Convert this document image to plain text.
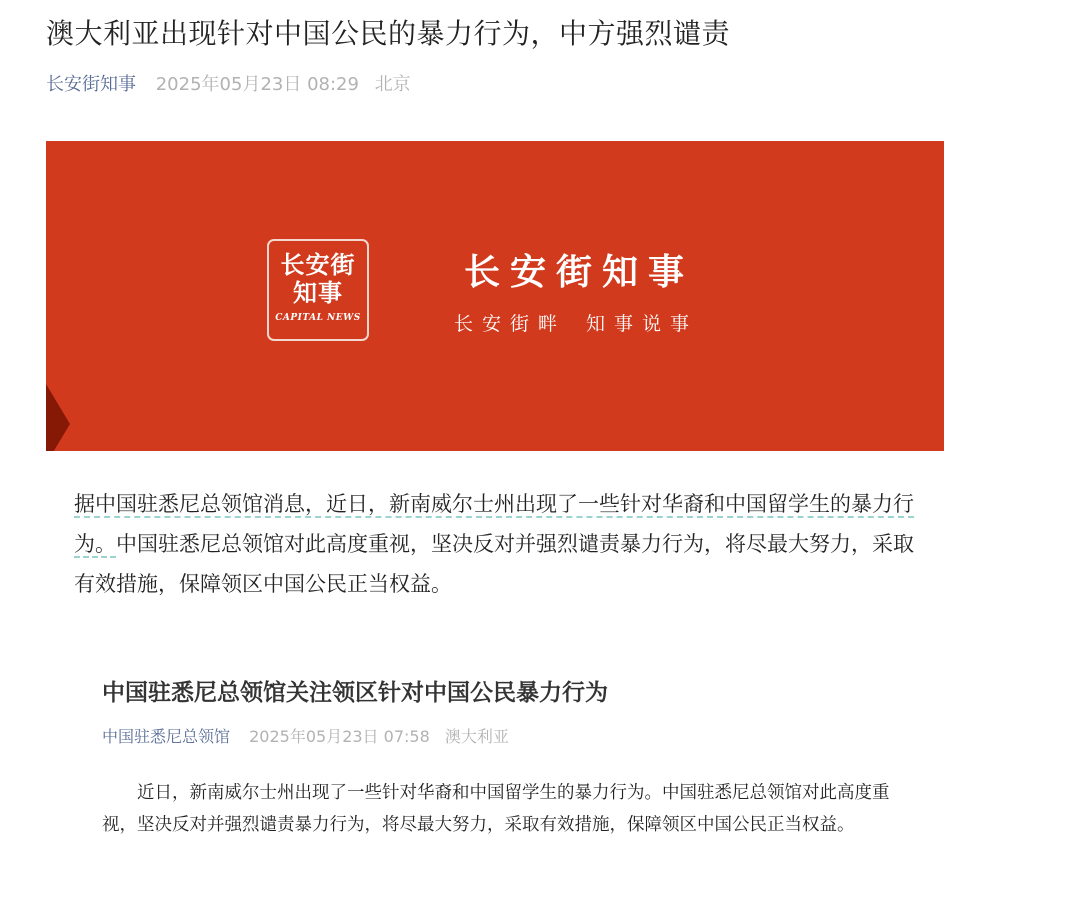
澳大利亚出现针对中国公民的暴力行为，中方强烈谴责
长安街知事 2025年05月23日 08:29 北京
长安街
知事
CAPITAL NEWS
长安街知事
长安街畔 知事说事

据中国驻悉尼总领馆消息，近日，新南威尔士州出现了一些针对华裔和中国留学生的暴力行为。中国驻悉尼总领馆对此高度重视，坚决反对并强烈谴责暴力行为，将尽最大努力，采取有效措施，保障领区中国公民正当权益。

中国驻悉尼总领馆关注领区针对中国公民暴力行为
中国驻悉尼总领馆 2025年05月23日 07:58 澳大利亚

近日，新南威尔士州出现了一些针对华裔和中国留学生的暴力行为。中国驻悉尼总领馆对此高度重视，坚决反对并强烈谴责暴力行为，将尽最大努力，采取有效措施，保障领区中国公民正当权益。
